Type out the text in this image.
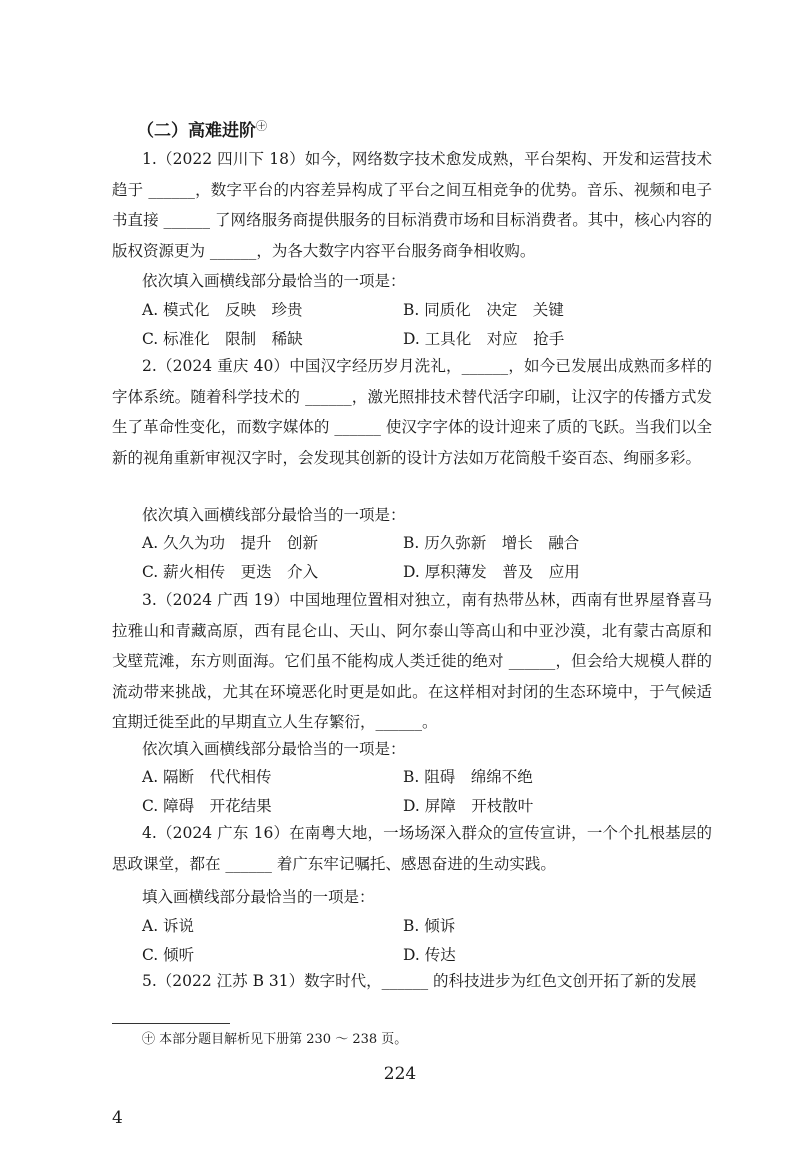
（二）高难进阶$^㊉$
1.（2022 四川下 18）如今，网络数字技术愈发成熟，平台架构、开发和运营技术趋于 ______，数字平台的内容差异构成了平台之间互相竞争的优势。音乐、视频和电子书直接 ______ 了网络服务商提供服务的目标消费市场和目标消费者。其中，核心内容的版权资源更为 ______，为各大数字内容平台服务商争相收购。
依次填入画横线部分最恰当的一项是：
A. 模式化　反映　珍贵	B. 同质化　决定　关键
C. 标准化　限制　稀缺	D. 工具化　对应　抢手
2.（2024 重庆 40）中国汉字经历岁月洗礼，______，如今已发展出成熟而多样的字体系统。随着科学技术的 ______，激光照排技术替代活字印刷，让汉字的传播方式发生了革命性变化，而数字媒体的 ______ 使汉字字体的设计迎来了质的飞跃。当我们以全新的视角重新审视汉字时，会发现其创新的设计方法如万花筒般千姿百态、绚丽多彩。
依次填入画横线部分最恰当的一项是：
A. 久久为功　提升　创新	B. 历久弥新　增长　融合
C. 薪火相传　更迭　介入	D. 厚积薄发　普及　应用
3.（2024 广西 19）中国地理位置相对独立，南有热带丛林，西南有世界屋脊喜马拉雅山和青藏高原，西有昆仑山、天山、阿尔泰山等高山和中亚沙漠，北有蒙古高原和戈壁荒滩，东方则面海。它们虽不能构成人类迁徙的绝对 ______，但会给大规模人群的流动带来挑战，尤其在环境恶化时更是如此。在这样相对封闭的生态环境中，于气候适宜期迁徙至此的早期直立人生存繁衍，______。
依次填入画横线部分最恰当的一项是：
A. 隔断　代代相传	B. 阻碍　绵绵不绝
C. 障碍　开花结果	D. 屏障　开枝散叶
4.（2024 广东 16）在南粤大地，一场场深入群众的宣传宣讲，一个个扎根基层的思政课堂，都在 ______ 着广东牢记嘱托、感恩奋进的生动实践。
填入画横线部分最恰当的一项是：
A. 诉说	B. 倾诉
C. 倾听	D. 传达
5.（2022 江苏 B 31）数字时代，______ 的科技进步为红色文创开拓了新的发展
㊉ 本部分题目解析见下册第 230 ～ 238 页。
224
4
